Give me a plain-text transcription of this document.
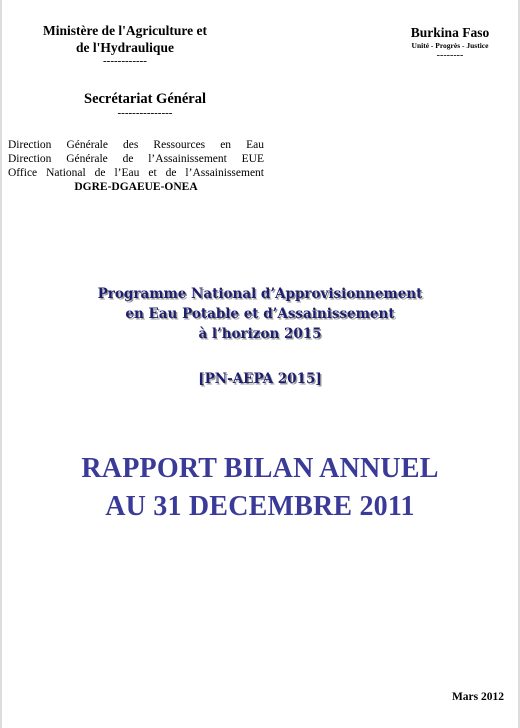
Ministère de l'Agriculture et
de l'Hydraulique
------------
Secrétariat Général
---------------
Direction Générale des Ressources en Eau
Direction Générale de l’Assainissement EUE
Office National de l’Eau et de l’Assainissement
DGRE-DGAEUE-ONEA
Burkina Faso
Unité - Progrès - Justice
--------
Programme National d’Approvisionnement
en Eau Potable et d’Assainissement
à l’horizon 2015
[PN-AEPA 2015]
RAPPORT BILAN ANNUEL
AU 31 DECEMBRE 2011
Mars 2012
